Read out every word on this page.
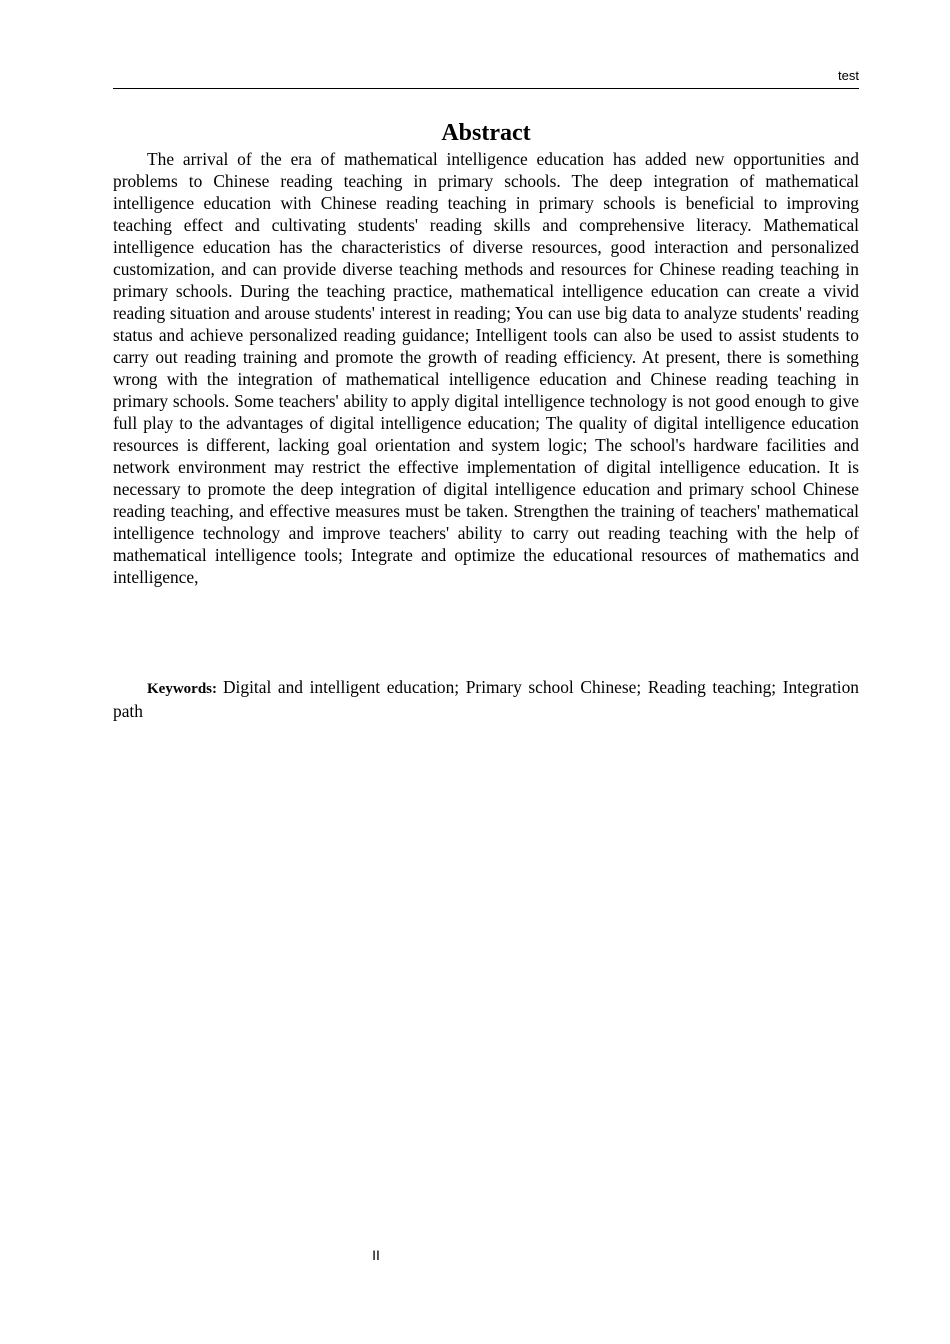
test
Abstract

The arrival of the era of mathematical intelligence education has added new opportunities and problems to Chinese reading teaching in primary schools. The deep integration of mathematical intelligence education with Chinese reading teaching in primary schools is beneficial to improving teaching effect and cultivating students' reading skills and comprehensive literacy. Mathematical intelligence education has the characteristics of diverse resources, good interaction and personalized customization, and can provide diverse teaching methods and resources for Chinese reading teaching in primary schools. During the teaching practice, mathematical intelligence education can create a vivid reading situation and arouse students' interest in reading; You can use big data to analyze students' reading status and achieve personalized reading guidance; Intelligent tools can also be used to assist students to carry out reading training and promote the growth of reading efficiency. At present, there is something wrong with the integration of mathematical intelligence education and Chinese reading teaching in primary schools. Some teachers' ability to apply digital intelligence technology is not good enough to give full play to the advantages of digital intelligence education; The quality of digital intelligence education resources is different, lacking goal orientation and system logic; The school's hardware facilities and network environment may restrict the effective implementation of digital intelligence education. It is necessary to promote the deep integration of digital intelligence education and primary school Chinese reading teaching, and effective measures must be taken. Strengthen the training of teachers' mathematical intelligence technology and improve teachers' ability to carry out reading teaching with the help of mathematical intelligence tools; Integrate and optimize the educational resources of mathematics and intelligence,

Keywords: Digital and intelligent education; Primary school Chinese; Reading teaching; Integration path

II
